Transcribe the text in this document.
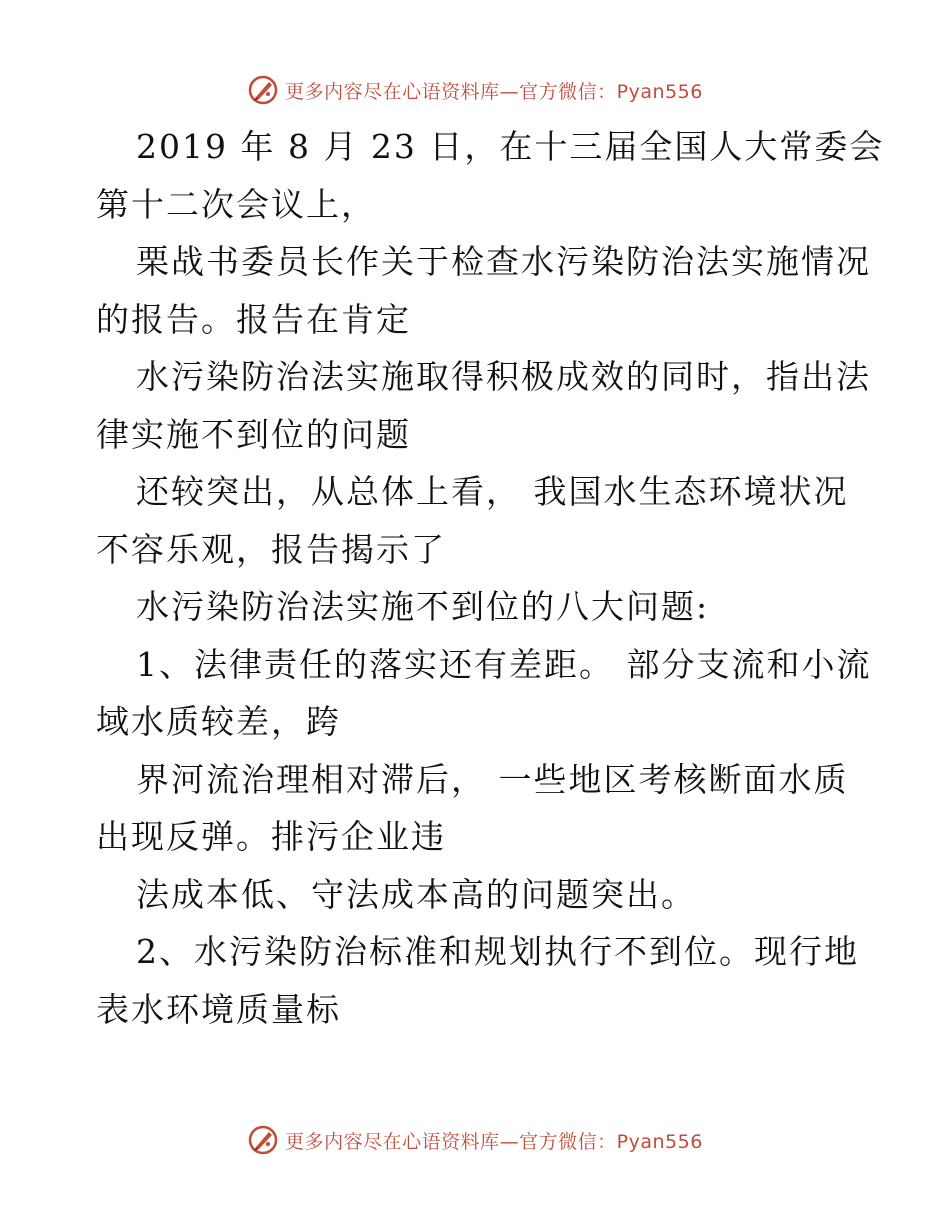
更多内容尽在心语资料库—官方微信：Pyan556
2019 年 8 月 23 日，在十三届全国人大常委会
第十二次会议上，
栗战书委员长作关于检查水污染防治法实施情况
的报告。报告在肯定
水污染防治法实施取得积极成效的同时，指出法
律实施不到位的问题
还较突出，从总体上看， 我国水生态环境状况
不容乐观，报告揭示了
水污染防治法实施不到位的八大问题:
1、法律责任的落实还有差距。 部分支流和小流
域水质较差，跨
界河流治理相对滞后， 一些地区考核断面水质
出现反弹。排污企业违
法成本低、守法成本高的问题突出。
2、水污染防治标准和规划执行不到位。现行地
表水环境质量标
更多内容尽在心语资料库—官方微信：Pyan556
